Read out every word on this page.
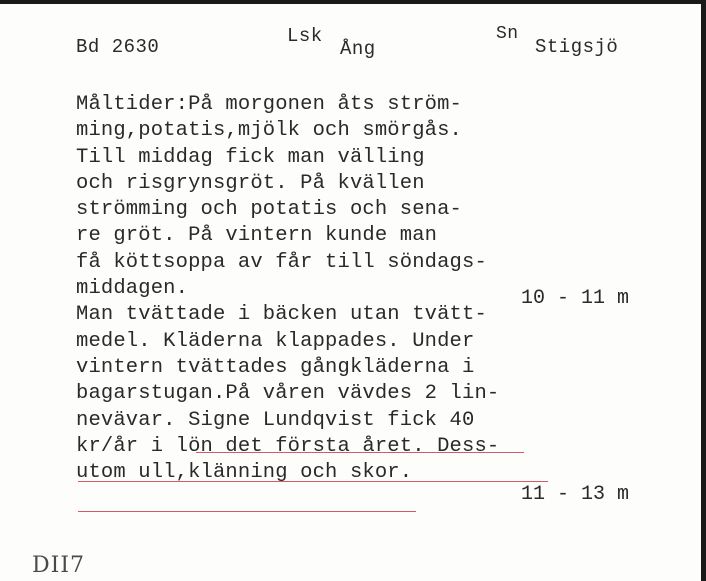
Bd 2630	Lsk
Ång
Sn
Stigsjö
Måltider:På morgonen åts ström-
ming,potatis,mjölk och smörgås.
Till middag fick man välling
och risgrynsgröt. På kvällen
strömming och potatis och sena-
re gröt. På vintern kunde man
få köttsoppa av får till söndags-
middagen.
Man tvättade i bäcken utan tvätt-
medel. Kläderna klappades. Under
vintern tvättades gångkläderna i
bagarstugan.På våren vävdes 2 lin-
nevävar. Signe Lundqvist fick 40
kr/år i lön det första året. Dess-
utom ull,klänning och skor.
10 - 11 m
11 - 13 m
DII7
